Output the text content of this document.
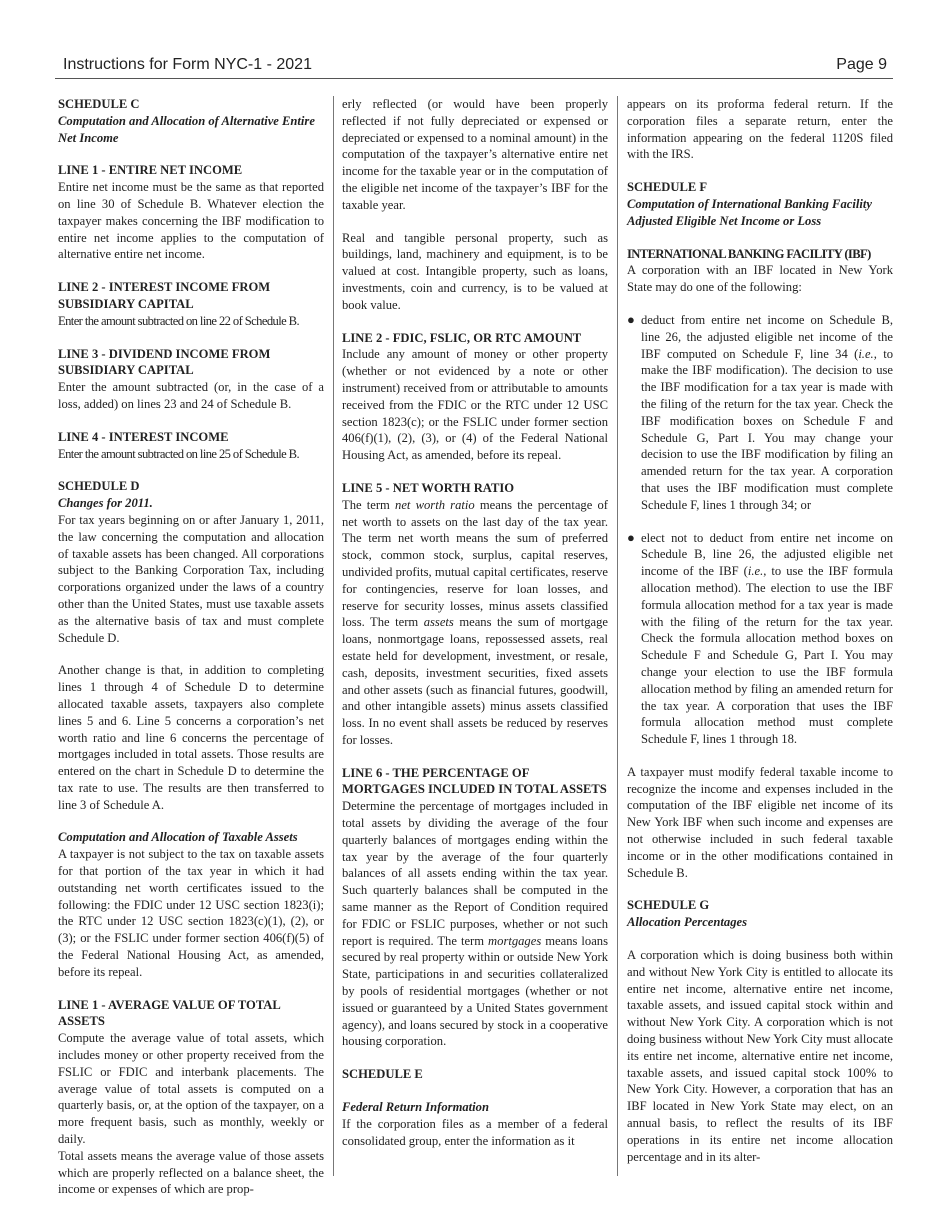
Instructions for Form NYC-1 - 2021	Page 9
SCHEDULE C
Computation and Allocation of Alternative Entire Net Income
LINE 1 - ENTIRE NET INCOME

Entire net income must be the same as that reported on line 30 of Schedule B. Whatever election the taxpayer makes concerning the IBF modification to entire net income applies to the computation of alternative entire net income.

LINE 2 - INTEREST INCOME FROM SUBSIDIARY CAPITAL

Enter the amount subtracted on line 22 of Schedule B.

LINE 3 - DIVIDEND INCOME FROM SUBSIDIARY CAPITAL

Enter the amount subtracted (or, in the case of a loss, added) on lines 23 and 24 of Schedule B.

LINE 4 - INTEREST INCOME

Enter the amount subtracted on line 25 of Schedule B.

SCHEDULE D
Changes for 2011.

For tax years beginning on or after January 1, 2011, the law concerning the computation and allocation of taxable assets has been changed. All corporations subject to the Banking Corporation Tax, including corporations organized under the laws of a country other than the United States, must use taxable assets as the alternative basis of tax and must complete Schedule D.

Another change is that, in addition to completing lines 1 through 4 of Schedule D to determine allocated taxable assets, taxpayers also complete lines 5 and 6. Line 5 concerns a corporation’s net worth ratio and line 6 concerns the percentage of mortgages included in total assets. Those results are entered on the chart in Schedule D to determine the tax rate to use. The results are then transferred to line 3 of Schedule A.

Computation and Allocation of Taxable Assets

A taxpayer is not subject to the tax on taxable assets for that portion of the tax year in which it had outstanding net worth certificates issued to the following: the FDIC under 12 USC section 1823(i); the RTC under 12 USC section 1823(c)(1), (2), or (3); or the FSLIC under former section 406(f)(5) of the Federal National Housing Act, as amended, before its repeal.

LINE 1 - AVERAGE VALUE OF TOTAL ASSETS

Compute the average value of total assets, which includes money or other property received from the FSLIC or FDIC and interbank placements. The average value of total assets is computed on a quarterly basis, or, at the option of the taxpayer, on a more frequent basis, such as monthly, weekly or daily.

Total assets means the average value of those assets which are properly reflected on a balance sheet, the income or expenses of which are prop-

erly reflected (or would have been properly reflected if not fully depreciated or expensed or depreciated or expensed to a nominal amount) in the computation of the taxpayer’s alternative entire net income for the taxable year or in the computation of the eligible net income of the taxpayer’s IBF for the taxable year.

Real and tangible personal property, such as buildings, land, machinery and equipment, is to be valued at cost. Intangible property, such as loans, investments, coin and currency, is to be valued at book value.

LINE 2 - FDIC, FSLIC, OR RTC AMOUNT

Include any amount of money or other property (whether or not evidenced by a note or other instrument) received from or attributable to amounts received from the FDIC or the RTC under 12 USC section 1823(c); or the FSLIC under former section 406(f)(1), (2), (3), or (4) of the Federal National Housing Act, as amended, before its repeal.

LINE 5 - NET WORTH RATIO

The term net worth ratio means the percentage of net worth to assets on the last day of the tax year. The term net worth means the sum of preferred stock, common stock, surplus, capital reserves, undivided profits, mutual capital certificates, reserve for contingencies, reserve for loan losses, and reserve for security losses, minus assets classified loss. The term assets means the sum of mortgage loans, nonmortgage loans, repossessed assets, real estate held for development, investment, or resale, cash, deposits, investment securities, fixed assets and other assets (such as financial futures, goodwill, and other intangible assets) minus assets classified loss. In no event shall assets be reduced by reserves for losses.

LINE 6 - THE PERCENTAGE OF MORTGAGES INCLUDED IN TOTAL ASSETS

Determine the percentage of mortgages included in total assets by dividing the average of the four quarterly balances of mortgages ending within the tax year by the average of the four quarterly balances of all assets ending within the tax year. Such quarterly balances shall be computed in the same manner as the Report of Condition required for FDIC or FSLIC purposes, whether or not such report is required. The term mortgages means loans secured by real property within or outside New York State, participations in and securities collateralized by pools of residential mortgages (whether or not issued or guaranteed by a United States government agency), and loans secured by stock in a cooperative housing corporation.

SCHEDULE E
Federal Return Information

If the corporation files as a member of a federal consolidated group, enter the information as it

appears on its proforma federal return. If the corporation files a separate return, enter the information appearing on the federal 1120S filed with the IRS.

SCHEDULE F
Computation of International Banking Facility Adjusted Eligible Net Income or Loss
INTERNATIONAL BANKING FACILITY (IBF)

A corporation with an IBF located in New York State may do one of the following:

● deduct from entire net income on Schedule B, line 26, the adjusted eligible net income of the IBF computed on Schedule F, line 34 (i.e., to make the IBF modification). The decision to use the IBF modification for a tax year is made with the filing of the return for the tax year. Check the IBF modification boxes on Schedule F and Schedule G, Part I. You may change your decision to use the IBF modification by filing an amended return for the tax year. A corporation that uses the IBF modification must complete Schedule F, lines 1 through 34; or
● elect not to deduct from entire net income on Schedule B, line 26, the adjusted eligible net income of the IBF (i.e., to use the IBF formula allocation method). The election to use the IBF formula allocation method for a tax year is made with the filing of the return for the tax year. Check the formula allocation method boxes on Schedule F and Schedule G, Part I. You may change your election to use the IBF formula allocation method by filing an amended return for the tax year. A corporation that uses the IBF formula allocation method must complete Schedule F, lines 1 through 18.

A taxpayer must modify federal taxable income to recognize the income and expenses included in the computation of the IBF eligible net income of its New York IBF when such income and expenses are not otherwise included in such federal taxable income or in the other modifications contained in Schedule B.

SCHEDULE G
Allocation Percentages

A corporation which is doing business both within and without New York City is entitled to allocate its entire net income, alternative entire net income, taxable assets, and issued capital stock within and without New York City. A corporation which is not doing business without New York City must allocate its entire net income, alternative entire net income, taxable assets, and issued capital stock 100% to New York City. However, a corporation that has an IBF located in New York State may elect, on an annual basis, to reflect the results of its IBF operations in its entire net income allocation percentage and in its alter-
